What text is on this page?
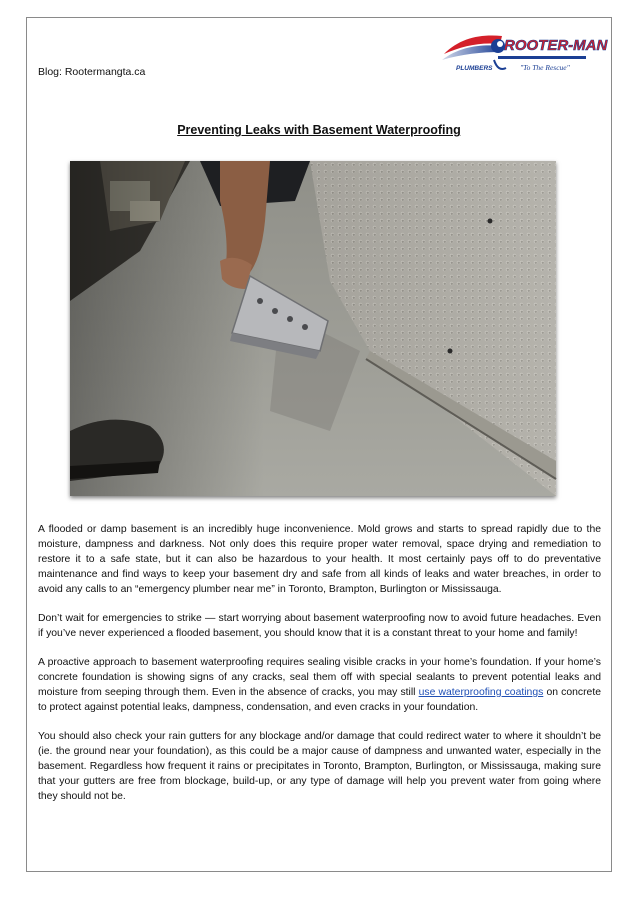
Blog: Rootermangta.ca
ROOTER-MAN
PLUMBERS	"To The Rescue"
Preventing Leaks with Basement Waterproofing

A flooded or damp basement is an incredibly huge inconvenience. Mold grows and starts to spread rapidly due to the moisture, dampness and darkness. Not only does this require proper water removal, space drying and remediation to restore it to a safe state, but it can also be hazardous to your health. It most certainly pays off to do preventative maintenance and find ways to keep your basement dry and safe from all kinds of leaks and water breaches, in order to avoid any calls to an “emergency plumber near me” in Toronto, Brampton, Burlington or Mississauga.

Don’t wait for emergencies to strike — start worrying about basement waterproofing now to avoid future headaches. Even if you’ve never experienced a flooded basement, you should know that it is a constant threat to your home and family!

A proactive approach to basement waterproofing requires sealing visible cracks in your home’s foundation. If your home’s concrete foundation is showing signs of any cracks, seal them off with special sealants to prevent potential leaks and moisture from seeping through them. Even in the absence of cracks, you may still use waterproofing coatings on concrete to protect against potential leaks, dampness, condensation, and even cracks in your foundation.

You should also check your rain gutters for any blockage and/or damage that could redirect water to where it shouldn’t be (ie. the ground near your foundation), as this could be a major cause of dampness and unwanted water, especially in the basement. Regardless how frequent it rains or precipitates in Toronto, Brampton, Burlington, or Mississauga, making sure that your gutters are free from blockage, build-up, or any type of damage will help you prevent water from going where they should not be.
